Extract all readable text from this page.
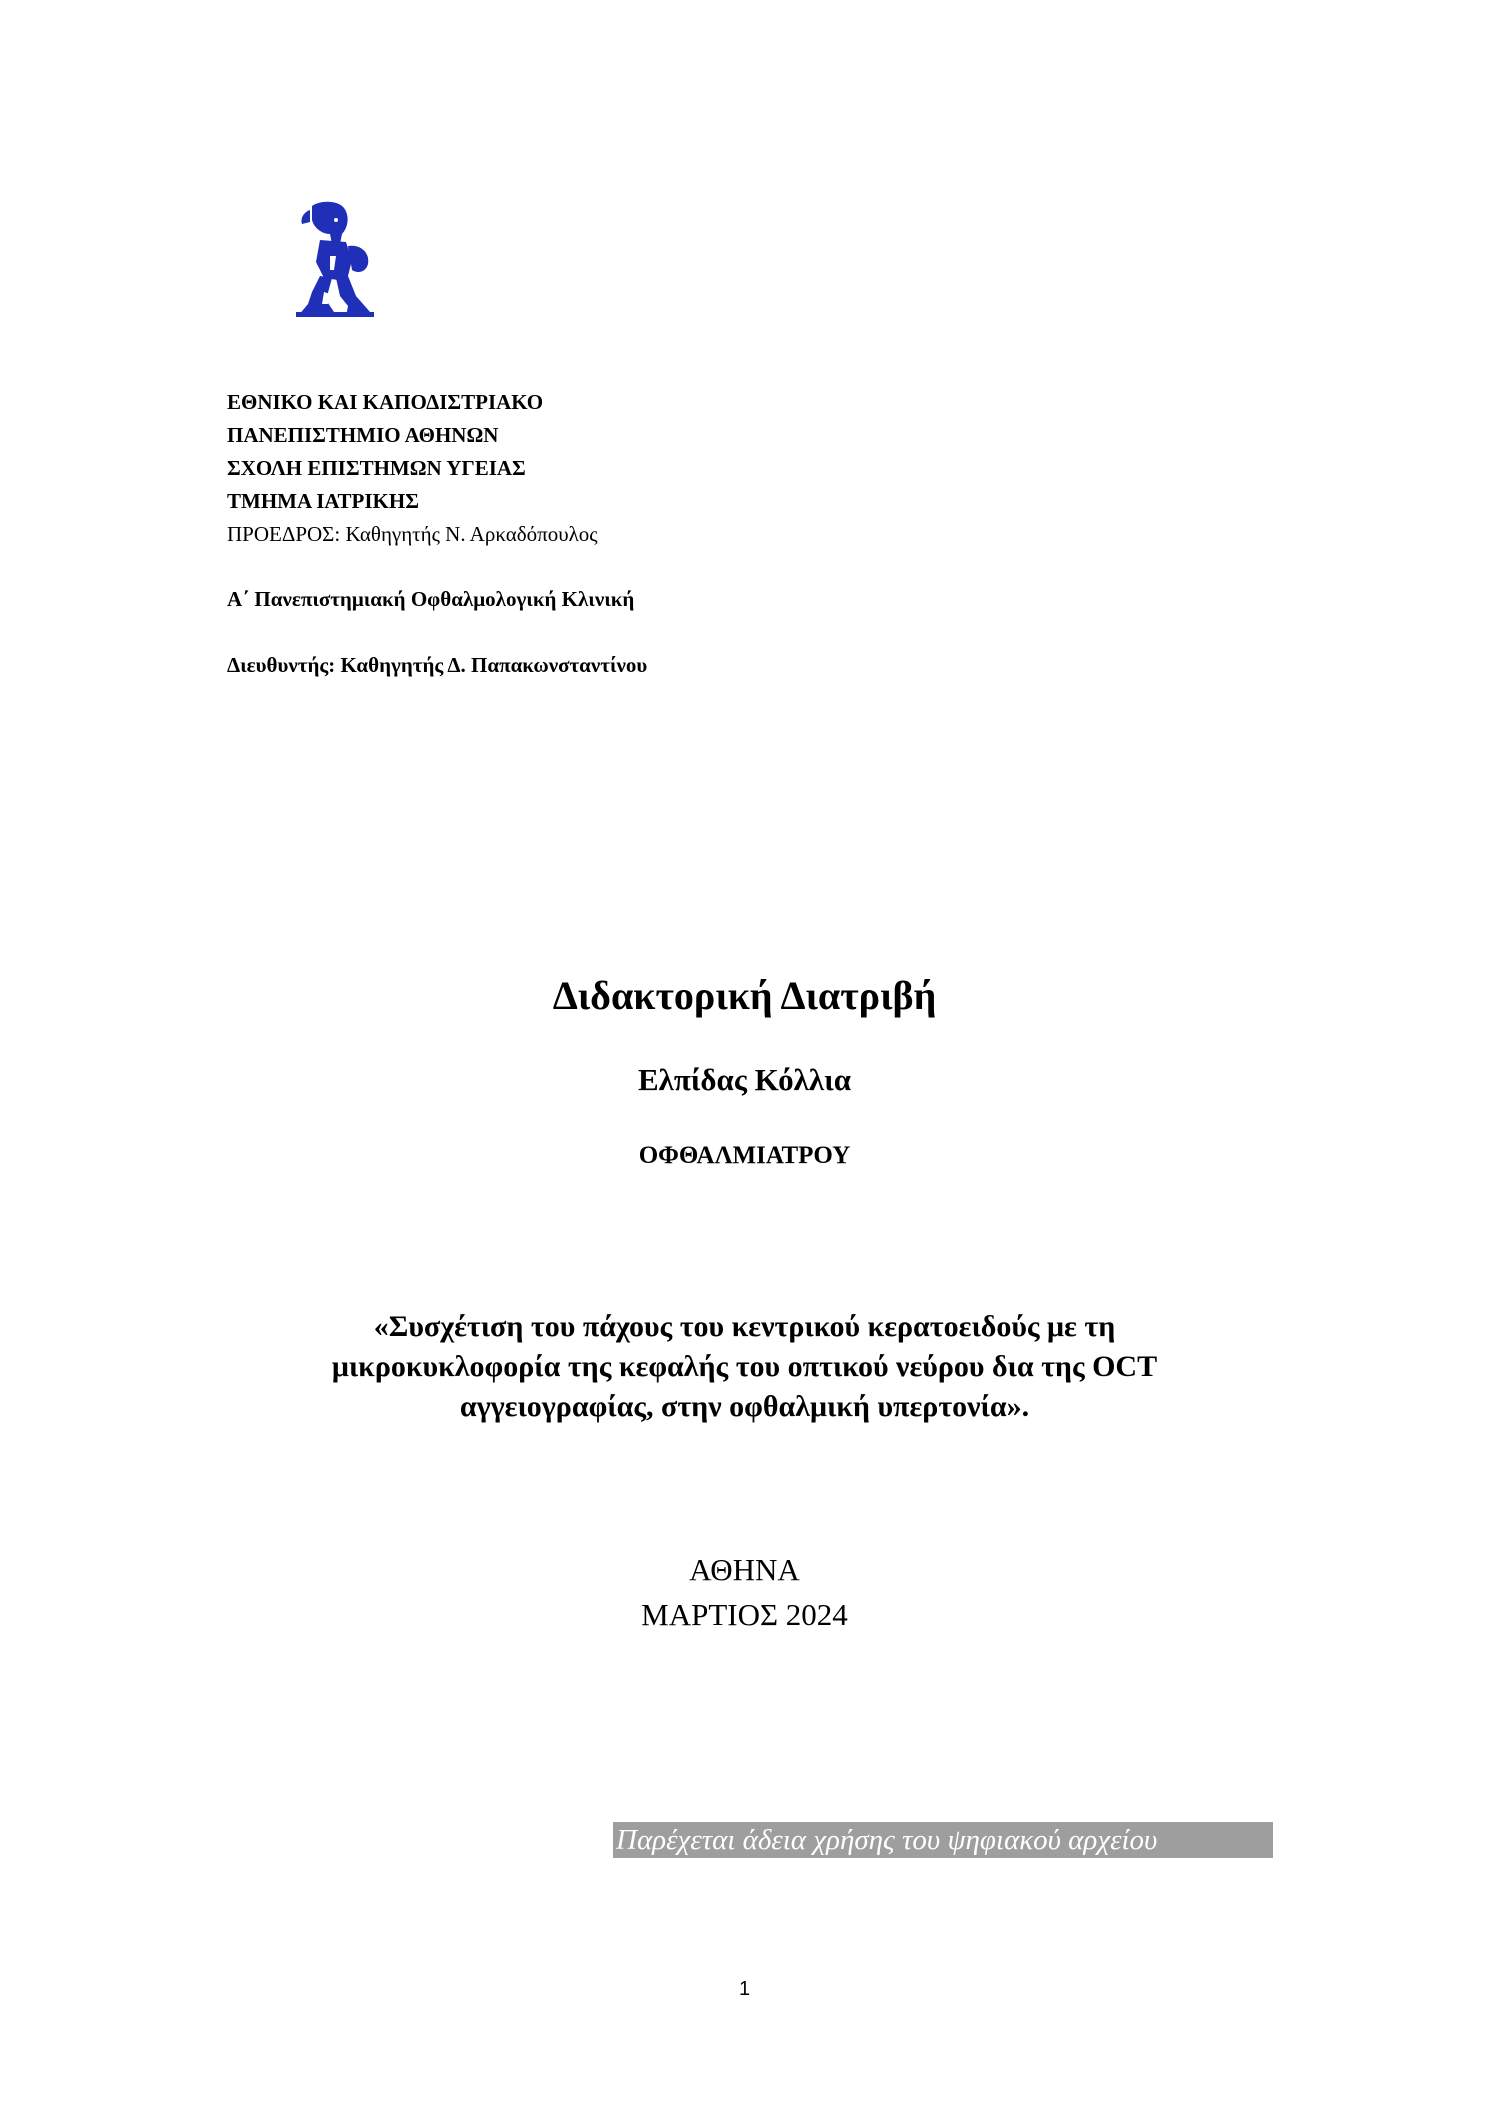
ΕΘΝΙΚΟ ΚΑΙ ΚΑΠΟΔΙΣΤΡΙΑΚΟ
ΠΑΝΕΠΙΣΤΗΜΙΟ ΑΘΗΝΩΝ
ΣΧΟΛΗ ΕΠΙΣΤΗΜΩΝ ΥΓΕΙΑΣ
ΤΜΗΜΑ ΙΑΤΡΙΚΗΣ
ΠΡΟΕΔΡΟΣ: Καθηγητής Ν. Αρκαδόπουλος
Α΄ Πανεπιστημιακή Οφθαλμολογική Κλινική
Διευθυντής: Καθηγητής Δ. Παπακωνσταντίνου
Διδακτορική Διατριβή
Ελπίδας Κόλλια
ΟΦΘΑΛΜΙΑΤΡΟΥ
«Συσχέτιση του πάχους του κεντρικού κερατοειδούς με τη
μικροκυκλοφορία της κεφαλής του οπτικού νεύρου δια της OCT
αγγειογραφίας, στην οφθαλμική υπερτονία».
ΑΘΗΝΑ
ΜΑΡΤΙΟΣ 2024
Παρέχεται άδεια χρήσης του ψηφιακού αρχείου
1
